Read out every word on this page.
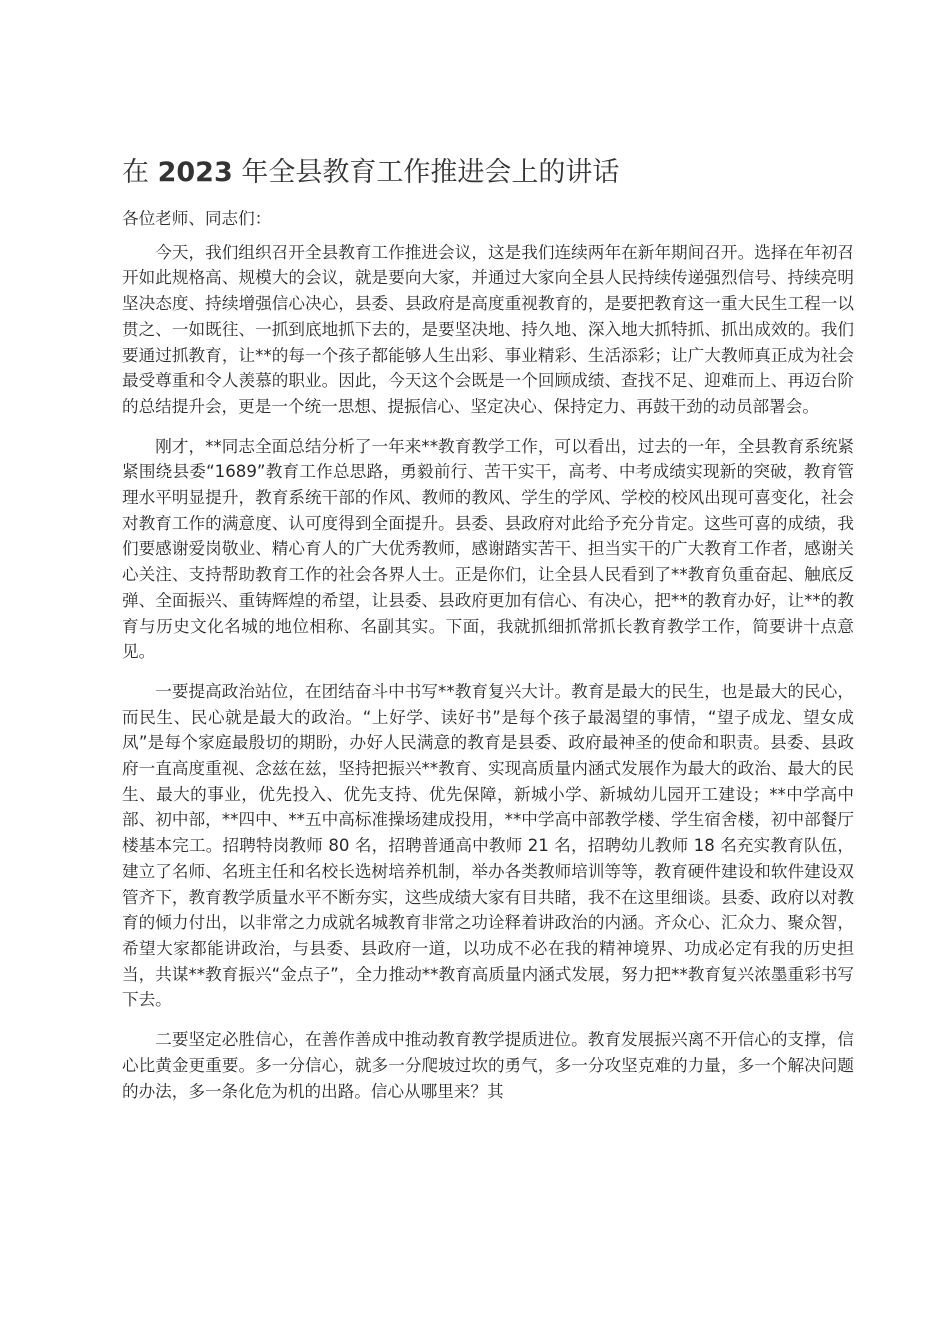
在 2023 年全县教育工作推进会上的讲话

各位老师、同志们：

今天，我们组织召开全县教育工作推进会议，这是我们连续两年在新年期间召开。选择在年初召开如此规格高、规模大的会议，就是要向大家，并通过大家向全县人民持续传递强烈信号、持续亮明坚决态度、持续增强信心决心，县委、县政府是高度重视教育的，是要把教育这一重大民生工程一以贯之、一如既往、一抓到底地抓下去的，是要坚决地、持久地、深入地大抓特抓、抓出成效的。我们要通过抓教育，让**的每一个孩子都能够人生出彩、事业精彩、生活添彩；让广大教师真正成为社会最受尊重和令人羡慕的职业。因此，今天这个会既是一个回顾成绩、查找不足、迎难而上、再迈台阶的总结提升会，更是一个统一思想、提振信心、坚定决心、保持定力、再鼓干劲的动员部署会。

刚才，**同志全面总结分析了一年来**教育教学工作，可以看出，过去的一年，全县教育系统紧紧围绕县委“1689”教育工作总思路，勇毅前行、苦干实干，高考、中考成绩实现新的突破，教育管理水平明显提升，教育系统干部的作风、教师的教风、学生的学风、学校的校风出现可喜变化，社会对教育工作的满意度、认可度得到全面提升。县委、县政府对此给予充分肯定。这些可喜的成绩，我们要感谢爱岗敬业、精心育人的广大优秀教师，感谢踏实苦干、担当实干的广大教育工作者，感谢关心关注、支持帮助教育工作的社会各界人士。正是你们，让全县人民看到了**教育负重奋起、触底反弹、全面振兴、重铸辉煌的希望，让县委、县政府更加有信心、有决心，把**的教育办好，让**的教育与历史文化名城的地位相称、名副其实。下面，我就抓细抓常抓长教育教学工作，简要讲十点意见。

一要提高政治站位，在团结奋斗中书写**教育复兴大计。教育是最大的民生，也是最大的民心，而民生、民心就是最大的政治。“上好学、读好书”是每个孩子最渴望的事情，“望子成龙、望女成凤”是每个家庭最殷切的期盼，办好人民满意的教育是县委、政府最神圣的使命和职责。县委、县政府一直高度重视、念兹在兹，坚持把振兴**教育、实现高质量内涵式发展作为最大的政治、最大的民生、最大的事业，优先投入、优先支持、优先保障，新城小学、新城幼儿园开工建设；**中学高中部、初中部，**四中、**五中高标准操场建成投用，**中学高中部教学楼、学生宿舍楼，初中部餐厅楼基本完工。招聘特岗教师 80 名，招聘普通高中教师 21 名，招聘幼儿教师 18 名充实教育队伍，建立了名师、名班主任和名校长选树培养机制，举办各类教师培训等等，教育硬件建设和软件建设双管齐下，教育教学质量水平不断夯实，这些成绩大家有目共睹，我不在这里细谈。县委、政府以对教育的倾力付出，以非常之力成就名城教育非常之功诠释着讲政治的内涵。齐众心、汇众力、聚众智，希望大家都能讲政治，与县委、县政府一道，以功成不必在我的精神境界、功成必定有我的历史担当，共谋**教育振兴“金点子”，全力推动**教育高质量内涵式发展，努力把**教育复兴浓墨重彩书写下去。

二要坚定必胜信心，在善作善成中推动教育教学提质进位。教育发展振兴离不开信心的支撑，信心比黄金更重要。多一分信心，就多一分爬坡过坎的勇气，多一分攻坚克难的力量，多一个解决问题的办法，多一条化危为机的出路。信心从哪里来？其
